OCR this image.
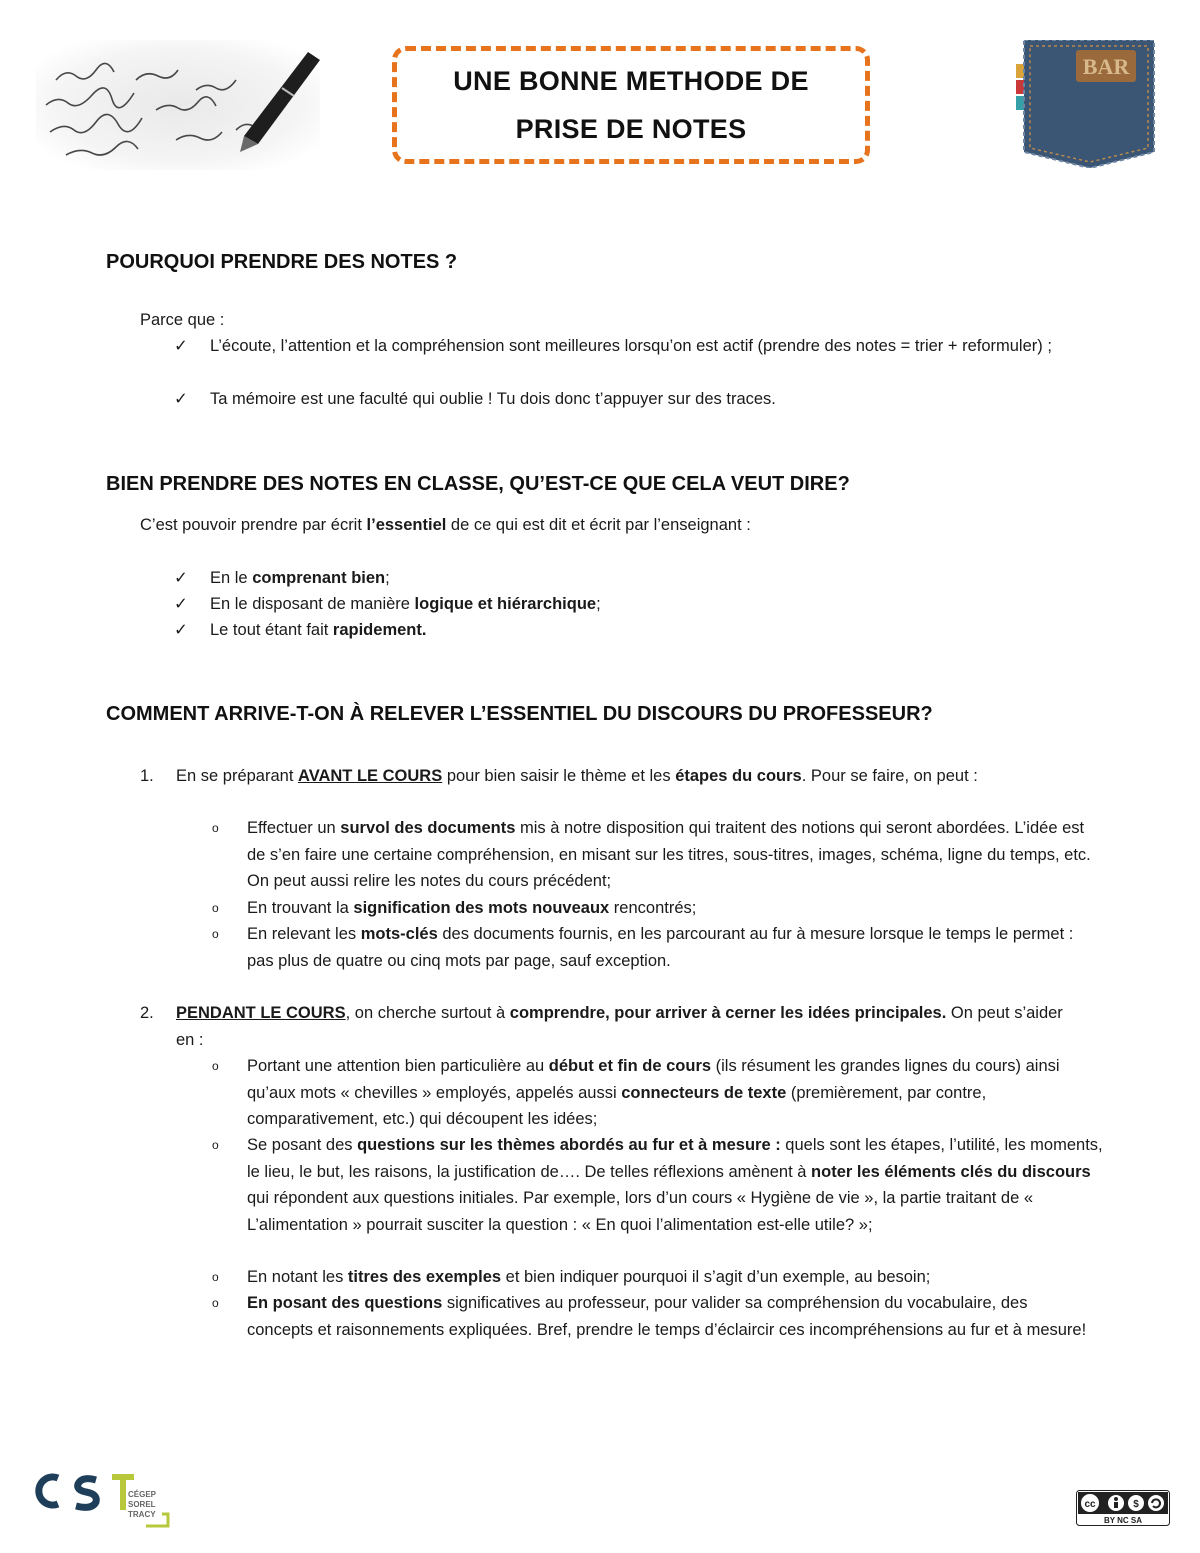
UNE BONNE METHODE DE
PRISE DE NOTES
BAR
POURQUOI PRENDRE DES NOTES ?
Parce que :
✓	L’écoute, l’attention et la compréhension sont meilleures lorsqu’on est actif (prendre des notes = trier + reformuler) ;
✓	Ta mémoire est une faculté qui oublie ! Tu dois donc t’appuyer sur des traces.
BIEN PRENDRE DES NOTES EN CLASSE, QU’EST-CE QUE CELA VEUT DIRE?
C’est pouvoir prendre par écrit l’essentiel de ce qui est dit et écrit par l’enseignant :
✓	En le comprenant bien;
✓	En le disposant de manière logique et hiérarchique;
✓	Le tout étant fait rapidement.
COMMENT ARRIVE-T-ON À RELEVER L’ESSENTIEL DU DISCOURS DU PROFESSEUR?
1.	En se préparant AVANT LE COURS pour bien saisir le thème et les étapes du cours. Pour se faire, on peut :
o	Effectuer un survol des documents mis à notre disposition qui traitent des notions qui seront abordées. L’idée est de s’en faire une certaine compréhension, en misant sur les titres, sous-titres, images, schéma, ligne du temps, etc. On peut aussi relire les notes du cours précédent;
o	En trouvant la signification des mots nouveaux rencontrés;
o	En relevant les mots-clés des documents fournis, en les parcourant au fur à mesure lorsque le temps le permet : pas plus de quatre ou cinq mots par page, sauf exception.
2.	PENDANT LE COURS, on cherche surtout à comprendre, pour arriver à cerner les idées principales. On peut s’aider en :
o	Portant une attention bien particulière au début et fin de cours (ils résument les grandes lignes du cours) ainsi qu’aux mots « chevilles » employés, appelés aussi connecteurs de texte (premièrement, par contre, comparativement, etc.) qui découpent les idées;
o	Se posant des questions sur les thèmes abordés au fur et à mesure : quels sont les étapes, l’utilité, les moments, le lieu, le but, les raisons, la justification de…. De telles réflexions amènent à noter les éléments clés du discours qui répondent aux questions initiales. Par exemple, lors d’un cours « Hygiène de vie », la partie traitant de « L’alimentation » pourrait susciter la question : « En quoi l’alimentation est-elle utile? »;
o	En notant les titres des exemples et bien indiquer pourquoi il s’agit d’un exemple, au besoin;
o	En posant des questions significatives au professeur, pour valider sa compréhension du vocabulaire, des concepts et raisonnements expliquées. Bref, prendre le temps d’éclaircir ces incompréhensions au fur et à mesure!
CÉGEP
SOREL
TRACY
cc	$
BY NC SA
